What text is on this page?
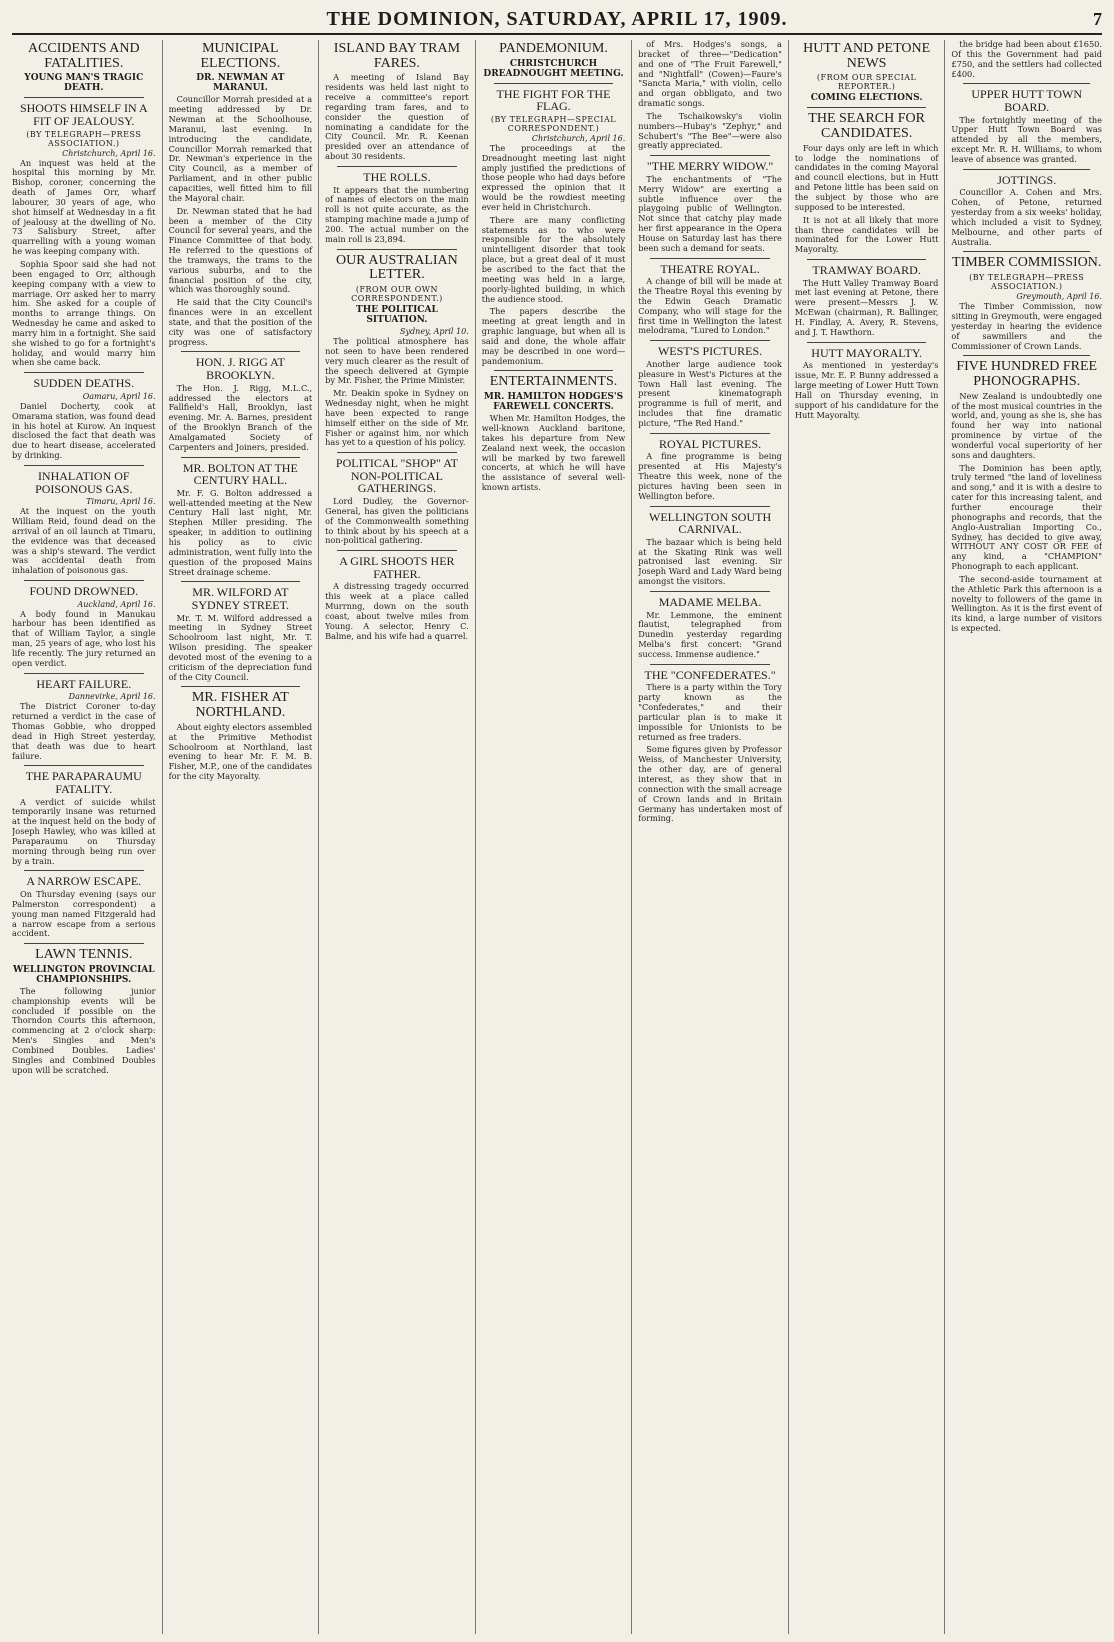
THE DOMINION, SATURDAY, APRIL 17, 1909.	7
ACCIDENTS AND FATALITIES.
YOUNG MAN'S TRAGIC DEATH.
SHOOTS HIMSELF IN A FIT OF JEALOUSY.
(BY TELEGRAPH—PRESS ASSOCIATION.)
Christchurch, April 16.

An inquest was held at the hospital this morning by Mr. Bishop, coroner, concerning the death of James Orr, wharf labourer, 30 years of age, who shot himself at Wednesday in a fit of jealousy at the dwelling of No. 73 Salisbury Street, after quarrelling with a young woman he was keeping company with.

Sophia Spoor said she had not been engaged to Orr, although keeping company with a view to marriage. Orr asked her to marry him. She asked for a couple of months to arrange things. On Wednesday he came and asked to marry him in a fortnight. She said she wished to go for a fortnight's holiday, and would marry him when she came back.

SUDDEN DEATHS.
Oamaru, April 16.

Daniel Docherty, cook at Omarama station, was found dead in his hotel at Kurow. An inquest disclosed the fact that death was due to heart disease, accelerated by drinking.

INHALATION OF POISONOUS GAS.
Timaru, April 16.

At the inquest on the youth William Reid, found dead on the arrival of an oil launch at Timaru, the evidence was that deceased was a ship's steward. The verdict was accidental death from inhalation of poisonous gas.

FOUND DROWNED.
Auckland, April 16.

A body found in Manukau harbour has been identified as that of William Taylor, a single man, 25 years of age, who lost his life recently. The jury returned an open verdict.

HEART FAILURE.
Dannevirke, April 16.

The District Coroner to-day returned a verdict in the case of Thomas Gobbie, who dropped dead in High Street yesterday, that death was due to heart failure.

THE PARAPARAUMU FATALITY.

A verdict of suicide whilst temporarily insane was returned at the inquest held on the body of Joseph Hawley, who was killed at Paraparaumu on Thursday morning through being run over by a train.

A NARROW ESCAPE.

On Thursday evening (says our Palmerston correspondent) a young man named Fitzgerald had a narrow escape from a serious accident.

LAWN TENNIS.
WELLINGTON PROVINCIAL CHAMPIONSHIPS.

The following junior championship events will be concluded if possible on the Thorndon Courts this afternoon, commencing at 2 o'clock sharp: Men's Singles and Men's Combined Doubles. Ladies' Singles and Combined Doubles upon will be scratched.

MUNICIPAL ELECTIONS.
DR. NEWMAN AT MARANUI.

Councillor Morrah presided at a meeting addressed by Dr. Newman at the Schoolhouse, Maranui, last evening. In introducing the candidate, Councillor Morrah remarked that Dr. Newman's experience in the City Council, as a member of Parliament, and in other public capacities, well fitted him to fill the Mayoral chair.

Dr. Newman stated that he had been a member of the City Council for several years, and the Finance Committee of that body. He referred to the questions of the tramways, the trams to the various suburbs, and to the financial position of the city, which was thoroughly sound.

He said that the City Council's finances were in an excellent state, and that the position of the city was one of satisfactory progress.

HON. J. RIGG AT BROOKLYN.

The Hon. J. Rigg, M.L.C., addressed the electors at Fallfield's Hall, Brooklyn, last evening. Mr. A. Barnes, president of the Brooklyn Branch of the Amalgamated Society of Carpenters and Joiners, presided.

MR. BOLTON AT THE CENTURY HALL.

Mr. F. G. Bolton addressed a well-attended meeting at the New Century Hall last night, Mr. Stephen Miller presiding. The speaker, in addition to outlining his policy as to civic administration, went fully into the question of the proposed Mains Street drainage scheme.

MR. WILFORD AT SYDNEY STREET.

Mr. T. M. Wilford addressed a meeting in Sydney Street Schoolroom last night, Mr. T. Wilson presiding. The speaker devoted most of the evening to a criticism of the depreciation fund of the City Council.

MR. FISHER AT NORTHLAND.

About eighty electors assembled at the Primitive Methodist Schoolroom at Northland, last evening to hear Mr. F. M. B. Fisher, M.P., one of the candidates for the city Mayoralty.

ISLAND BAY TRAM FARES.

A meeting of Island Bay residents was held last night to receive a committee's report regarding tram fares, and to consider the question of nominating a candidate for the City Council. Mr. R. Keenan presided over an attendance of about 30 residents.

THE ROLLS.

It appears that the numbering of names of electors on the main roll is not quite accurate, as the stamping machine made a jump of 200. The actual number on the main roll is 23,894.

OUR AUSTRALIAN LETTER.
(FROM OUR OWN CORRESPONDENT.)
THE POLITICAL SITUATION.
Sydney, April 10.

The political atmosphere has not seen to have been rendered very much clearer as the result of the speech delivered at Gympie by Mr. Fisher, the Prime Minister.

Mr. Deakin spoke in Sydney on Wednesday night, when he might have been expected to range himself either on the side of Mr. Fisher or against him, nor which has yet to a question of his policy.

POLITICAL "SHOP" AT NON-POLITICAL GATHERINGS.

Lord Dudley, the Governor-General, has given the politicians of the Commonwealth something to think about by his speech at a non-political gathering.

A GIRL SHOOTS HER FATHER.

A distressing tragedy occurred this week at a place called Murrnng, down on the south coast, about twelve miles from Young. A selector, Henry C. Balme, and his wife had a quarrel.

PANDEMONIUM.
CHRISTCHURCH DREADNOUGHT MEETING.
THE FIGHT FOR THE FLAG.
(BY TELEGRAPH—SPECIAL CORRESPONDENT.)
Christchurch, April 16.

The proceedings at the Dreadnought meeting last night amply justified the predictions of those people who had days before expressed the opinion that it would be the rowdiest meeting ever held in Christchurch.

There are many conflicting statements as to who were responsible for the absolutely unintelligent disorder that took place, but a great deal of it must be ascribed to the fact that the meeting was held in a large, poorly-lighted building, in which the audience stood.

The papers describe the meeting at great length and in graphic language, but when all is said and done, the whole affair may be described in one word—pandemonium.

ENTERTAINMENTS.
MR. HAMILTON HODGES'S FAREWELL CONCERTS.

When Mr. Hamilton Hodges, the well-known Auckland baritone, takes his departure from New Zealand next week, the occasion will be marked by two farewell concerts, at which he will have the assistance of several well-known artists.

of Mrs. Hodges's songs, a bracket of three—"Dedication" and one of "The Fruit Farewell," and "Nightfall" (Cowen)—Faure's "Sancta Maria," with violin, cello and organ obbligato, and two dramatic songs.

The Tschaikowsky's violin numbers—Hubay's "Zephyr," and Schubert's "The Bee"—were also greatly appreciated.

"THE MERRY WIDOW."

The enchantments of "The Merry Widow" are exerting a subtle influence over the playgoing public of Wellington. Not since that catchy play made her first appearance in the Opera House on Saturday last has there been such a demand for seats.

THEATRE ROYAL.

A change of bill will be made at the Theatre Royal this evening by the Edwin Geach Dramatic Company, who will stage for the first time in Wellington the latest melodrama, "Lured to London."

WEST'S PICTURES.

Another large audience took pleasure in West's Pictures at the Town Hall last evening. The present kinematograph programme is full of merit, and includes that fine dramatic picture, "The Red Hand."

ROYAL PICTURES.

A fine programme is being presented at His Majesty's Theatre this week, none of the pictures having been seen in Wellington before.

WELLINGTON SOUTH CARNIVAL.

The bazaar which is being held at the Skating Rink was well patronised last evening. Sir Joseph Ward and Lady Ward being amongst the visitors.

MADAME MELBA.

Mr. Lemmone, the eminent flautist, telegraphed from Dunedin yesterday regarding Melba's first concert: "Grand success. Immense audience."

THE "CONFEDERATES."

There is a party within the Tory party known as the "Confederates," and their particular plan is to make it impossible for Unionists to be returned as free traders.

Some figures given by Professor Weiss, of Manchester University, the other day, are of general interest, as they show that in connection with the small acreage of Crown lands and in Britain Germany has undertaken most of forming.

HUTT AND PETONE NEWS
(FROM OUR SPECIAL REPORTER.)
COMING ELECTIONS.
THE SEARCH FOR CANDIDATES.

Four days only are left in which to lodge the nominations of candidates in the coming Mayoral and council elections, but in Hutt and Petone little has been said on the subject by those who are supposed to be interested.

It is not at all likely that more than three candidates will be nominated for the Lower Hutt Mayoralty.

TRAMWAY BOARD.

The Hutt Valley Tramway Board met last evening at Petone, there were present—Messrs J. W. McEwan (chairman), R. Ballinger, H. Findlay, A. Avery, R. Stevens, and J. T. Hawthorn.

HUTT MAYORALTY.

As mentioned in yesterday's issue, Mr. E. P. Bunny addressed a large meeting of Lower Hutt Town Hall on Thursday evening, in support of his candidature for the Hutt Mayoralty.

the bridge had been about £1650. Of this the Government had paid £750, and the settlers had collected £400.

UPPER HUTT TOWN BOARD.

The fortnightly meeting of the Upper Hutt Town Board was attended by all the members, except Mr. R. H. Williams, to whom leave of absence was granted.

JOTTINGS.

Councillor A. Cohen and Mrs. Cohen, of Petone, returned yesterday from a six weeks' holiday, which included a visit to Sydney, Melbourne, and other parts of Australia.

TIMBER COMMISSION.
(BY TELEGRAPH—PRESS ASSOCIATION.)
Greymouth, April 16.

The Timber Commission, now sitting in Greymouth, were engaged yesterday in hearing the evidence of sawmillers and the Commissioner of Crown Lands.

FIVE HUNDRED FREE PHONOGRAPHS.

New Zealand is undoubtedly one of the most musical countries in the world, and, young as she is, she has found her way into national prominence by virtue of the wonderful vocal superiority of her sons and daughters.

The Dominion has been aptly, truly termed "the land of loveliness and song," and it is with a desire to cater for this increasing talent, and further encourage their phonographs and records, that the Anglo-Australian Importing Co., Sydney, has decided to give away, WITHOUT ANY COST OR FEE of any kind, a "CHAMPION" Phonograph to each applicant.

The second-aside tournament at the Athletic Park this afternoon is a novelty to followers of the game in Wellington. As it is the first event of its kind, a large number of visitors is expected.
